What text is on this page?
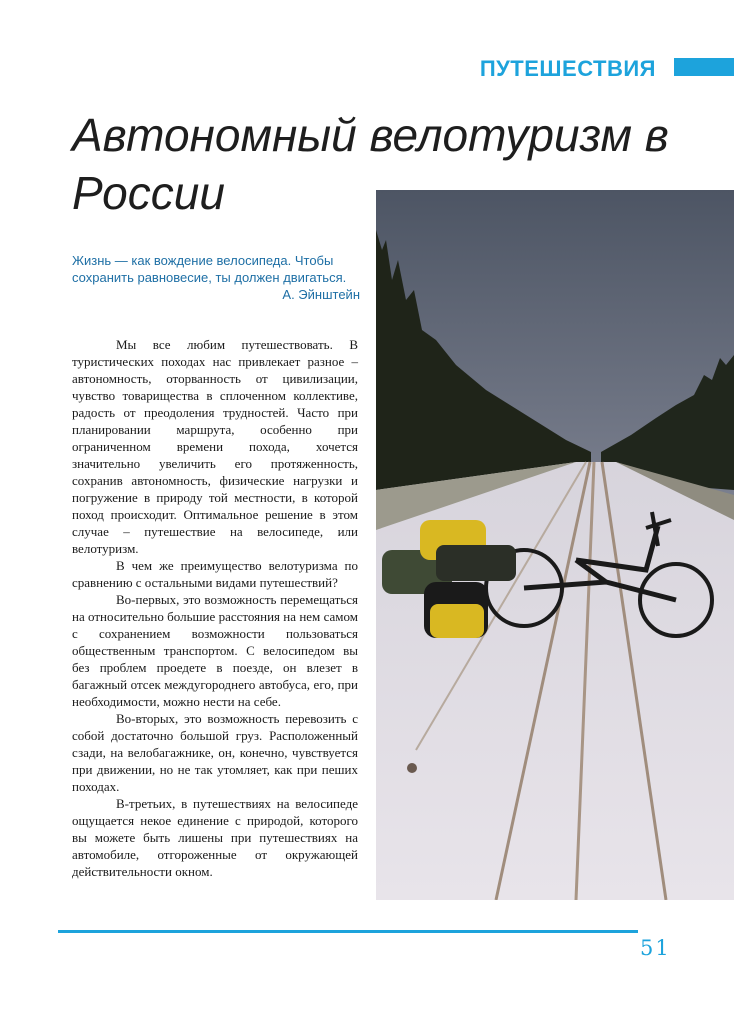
ПУТЕШЕСТВИЯ
Автономный велотуризм в России
Жизнь — как вождение велосипеда. Чтобы сохранить равновесие, ты должен двигаться.
А. Эйнштейн

Мы все любим путешествовать. В туристических походах нас привлекает разное – автономность, оторванность от цивилизации, чувство товарищества в сплоченном коллективе, радость от преодоления трудностей. Часто при планировании маршрута, особенно при ограниченном времени похода, хочется значительно увеличить его протяженность, сохранив автономность, физические нагрузки и погружение в природу той местности, в которой поход происходит. Оптимальное решение в этом случае – путешествие на велосипеде, или велотуризм.

В чем же преимущество велотуризма по сравнению с остальными видами путешествий?

Во-первых, это возможность перемещаться на относительно большие расстояния на нем самом с сохранением возможности пользоваться общественным транспортом. С велосипедом вы без проблем проедете в поезде, он влезет в багажный отсек междугороднего автобуса, его, при необходимости, можно нести на себе.

Во-вторых, это возможность перевозить с собой достаточно большой груз. Расположенный сзади, на велобагажнике, он, конечно, чувствуется при движении, но не так утомляет, как при пеших походах.

В-третьих, в путешествиях на велосипеде ощущается некое единение с природой, которого вы можете быть лишены при путешествиях на автомобиле, отгороженные от окружающей действительности окном.

51
